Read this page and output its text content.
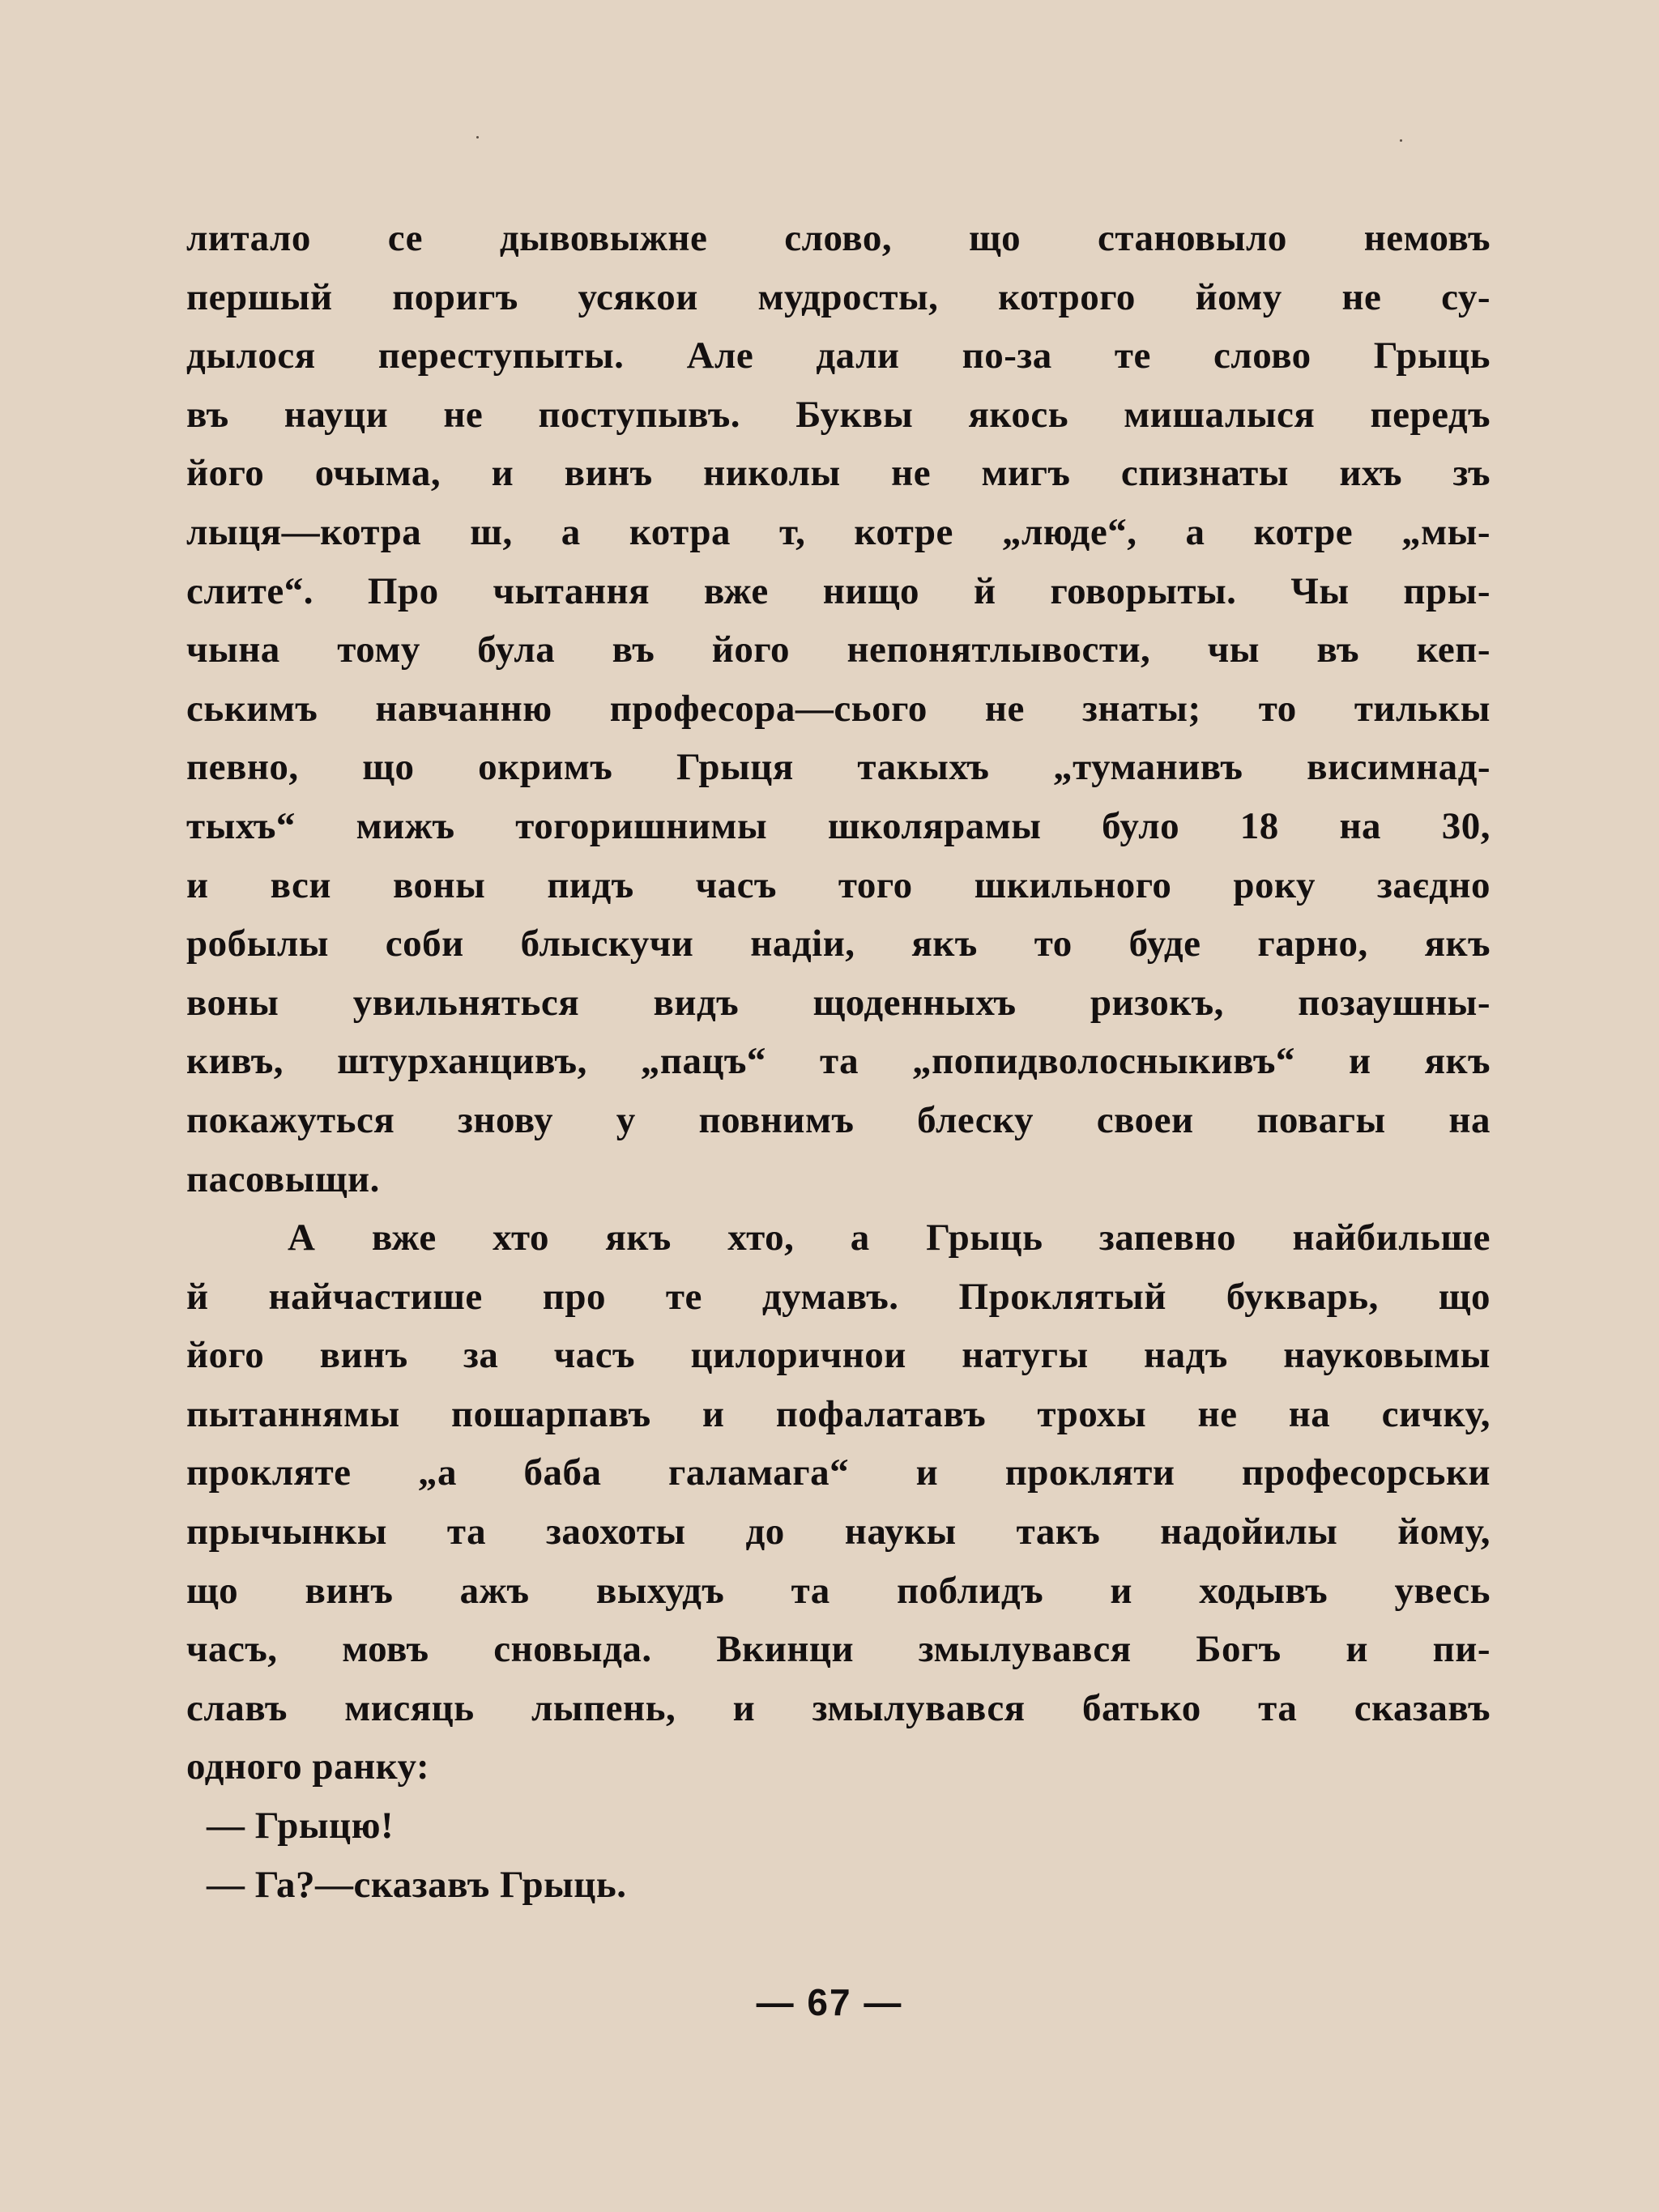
литало се дывовыжне слово, що становыло немовъ
першый поригъ усякои мудросты, котрого йому не су-
дылося переступыты. Але дали по-за те слово Грыць
въ науци не поступывъ. Буквы якось мишалыся передъ
його очыма, и винъ николы не мигъ спизнаты ихъ зъ
лыця—котра ш, а котра т, котре „люде“, а котре „мы-
слите“. Про чытання вже нищо й говорыты. Чы пры-
чына тому була въ його непонятлывости, чы въ кеп-
ськимъ навчанню професора—сього не знаты; то тилькы
певно, що окримъ Грыця такыхъ „туманивъ висимнад-
тыхъ“ мижъ тогоришнимы школярамы було 18 на 30,
и вси воны пидъ часъ того шкильного року заєдно
робылы соби блыскучи надіи, якъ то буде гарно, якъ
воны увильняться видъ щоденныхъ ризокъ, позаушны-
кивъ, штурханцивъ, „пацъ“ та „попидволосныкивъ“ и якъ
покажуться знову у повнимъ блеску своеи повагы на
пасовыщи.
А вже хто якъ хто, а Грыць запевно найбильше
й найчастише про те думавъ. Проклятый букварь, що
його винъ за часъ цилоричнои натугы надъ науковымы
пытаннямы пошарпавъ и пофалатавъ трохы не на сичку,
прокляте „а баба галамага“ и прокляти професорськи
прычынкы та заохоты до наукы такъ надойилы йому,
що винъ ажъ выхудъ та поблидъ и ходывъ увесь
часъ, мовъ сновыда. Вкинци змылувався Богъ и пи-
славъ мисяць лыпень, и змылувався батько та сказавъ
одного ранку:
— Грыцю!
— Га?—сказавъ Грыць.
— 67 —
